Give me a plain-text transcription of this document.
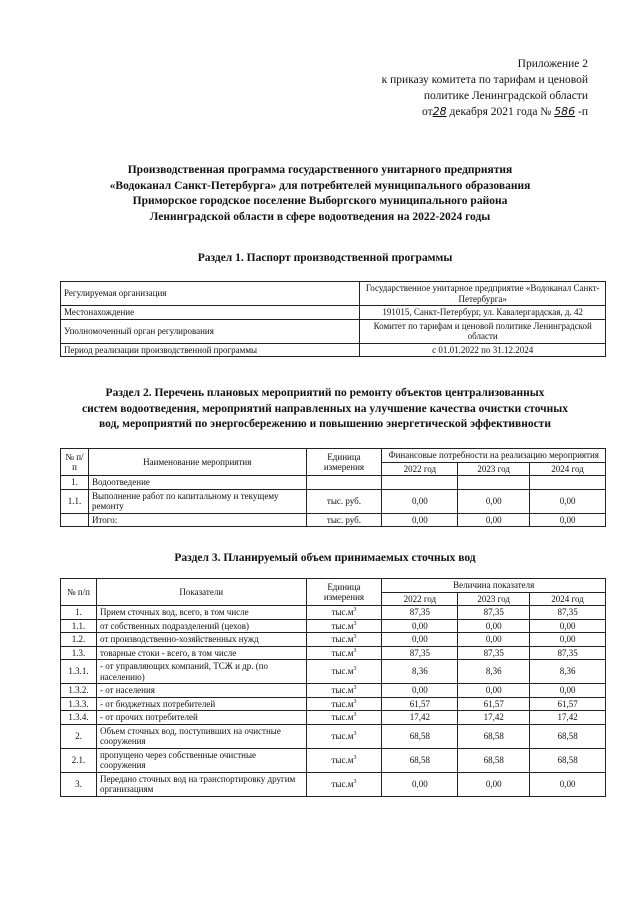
Приложение 2
к приказу комитета по тарифам и ценовой
политике Ленинградской области
от28 декабря 2021 года № 586 -п
Производственная программа государственного унитарного предприятия
«Водоканал Санкт-Петербурга» для потребителей муниципального образования
Приморское городское поселение Выборгского муниципального района
Ленинградской области в сфере водоотведения на 2022-2024 годы
Раздел 1. Паспорт производственной программы
Регулируемая организация	Государственное унитарное предприятие «Водоканал Санкт-Петербурга»
Местонахождение	191015, Санкт-Петербург, ул. Кавалергардская, д. 42
Уполномоченный орган регулирования	Комитет по тарифам и ценовой политике Ленинградской области
Период реализации производственной программы	с 01.01.2022 по 31.12.2024
Раздел 2. Перечень плановых мероприятий по ремонту объектов централизованных
систем водоотведения, мероприятий направленных на улучшение качества очистки сточных
вод, мероприятий по энергосбережению и повышению энергетической эффективности
№ п/п	Наименование мероприятия	Единица измерения	Финансовые потребности на реализацию мероприятия		
			2022 год	2023 год	2024 год
1.	Водоотведение				
1.1.	Выполнение работ по капитальному и текущему ремонту	тыс. руб.	0,00	0,00	0,00
	Итого:	тыс. руб.	0,00	0,00	0,00
Раздел 3. Планируемый объем принимаемых сточных вод
№ п/п	Показатели	Единица измерения	Величина показателя		
			2022 год	2023 год	2024 год
1.	Прием сточных вод, всего, в том числе	$тыс.м^3$	87,35	87,35	87,35
1.1.	от собственных подразделений (цехов)	$тыс.м^3$	0,00	0,00	0,00
1.2.	от производственно-хозяйственных нужд	$тыс.м^3$	0,00	0,00	0,00
1.3.	товарные стоки - всего, в том числе	$тыс.м^3$	87,35	87,35	87,35
1.3.1.	- от управляющих компаний, ТСЖ и др. (по населению)	$тыс.м^3$	8,36	8,36	8,36
1.3.2.	- от населения	$тыс.м^3$	0,00	0,00	0,00
1.3.3.	- от бюджетных потребителей	$тыс.м^3$	61,57	61,57	61,57
1.3.4.	- от прочих потребителей	$тыс.м^3$	17,42	17,42	17,42
2.	Объем сточных вод, поступивших на очистные сооружения	$тыс.м^3$	68,58	68,58	68,58
2.1.	пропущено через собственные очистные сооружения	$тыс.м^3$	68,58	68,58	68,58
3.	Передано сточных вод на транспортировку другим организациям	$тыс.м^3$	0,00	0,00	0,00
